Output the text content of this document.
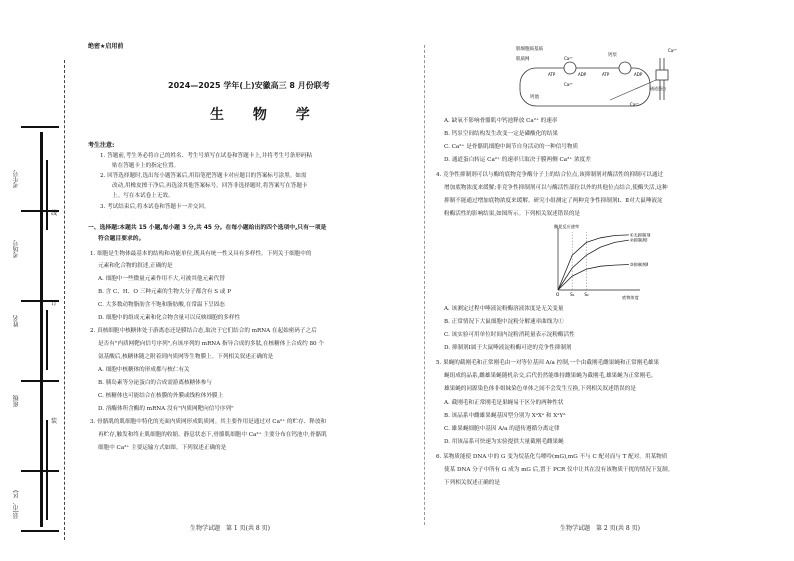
县(市、区)
班级
姓名
考场号
考生号
装
订
线
绝密★启用前
2024—2025 学年(上)安徽高三 8 月份联考
生 物 学
考生注意:
1. 答题前,考生务必将自己的姓名、考生号填写在试卷和答题卡上,并将考生号条形码粘
贴在答题卡上的指定位置。
2. 回答选择题时,选出每小题答案后,用铅笔把答题卡对应题目的答案标号涂黑。如需
改动,用橡皮擦干净后,再选涂其他答案标号。回答非选择题时,将答案写在答题卡
上。写在本试卷上无效。
3. 考试结束后,将本试卷和答题卡一并交回。
一、选择题:本题共 15 小题,每小题 3 分,共 45 分。在每小题给出的四个选项中,只有一项是
符合题目要求的。
1. 细胞是生物体最基本的结构和功能单位,既具有统一性又具有多样性。下列关于细胞中的
元素和化合物的叙述,正确的是
A. 细胞中一些微量元素作用不大,可被其他元素代替
B. 含 C、H、O 三种元素的生物大分子都含有 S 或 P
C. 大多数动物脂肪含不饱和脂肪酸,在常温下呈固态
D. 细胞中的组成元素和化合物含量可以反映细胞的多样性
2. 真核细胞中核糖体处于游离态还是膜结合态,取决于它们结合的 mRNA 在起始密码子之后
是否有"内质网靶向信号序列",有该序列的 mRNA 指导合成的多肽,在核糖体上合成约 80 个
氨基酸后,核糖体随之附着到内质网等生物膜上。下列相关叙述正确的是
A. 细胞中核糖体的形成都与核仁有关
B. 胰岛素等分泌蛋白的合成需游离核糖体参与
C. 核糖体也可能结合在核膜的外膜或线粒体外膜上
D. 溶酶体所含酶的 mRNA 没有"内质网靶向信号序列"
3. 骨骼肌的肌细胞中特化的光面内质网形成肌质网。其主要作用是通过对 Ca²⁺ 的贮存、释放和
再贮存,触发和终止肌细胞的收缩。静息状态下,骨骼肌细胞中 Ca²⁺ 主要分布在钙池中,骨骼肌
细胞中 Ca²⁺ 主要运输方式如图。下列叙述正确的是
生物学试题　第 1 页(共 8 页)
肌细胞质基质
肌质网
钙池
钙泵
ATP	ADP
Ca²⁺
Ca²⁺
Ca²⁺
ATP	ADP
Ca²⁺
通道蛋白
A. 缺氧不影响骨骼肌中钙池释放 Ca²⁺ 的速率
B. 钙泵空间结构发生改变一定是磷酸化的结果
C. Ca²⁺ 是骨骼肌细胞中调节自身活动的一种信号物质
D. 通道蛋白转运 Ca²⁺ 的速率只取决于膜两侧 Ca²⁺ 浓度差
4. 竞争性抑制剂可以与酶的底物竞争酶分子上的结合位点,该抑制剂对酶活性的抑制可以通过
增加底物浓度来缓解;非竞争性抑制剂可以与酶活性部位以外的其他位点结合,使酶失活,这种
抑制不能通过增加底物浓度来缓解。研究小组测定了两种竞争性抑制剂Ⅰ、Ⅱ对大鼠唾液淀
粉酶活性的影响结果,如图所示。下列相关叙述错误的是
A. 该测定过程中唾液淀粉酶溶液浓度是无关变量
B. 正常情况下大鼠细胞中淀粉分解速率曲线为①
C. 该实验可用单位时间内淀粉消耗量表示淀粉酶活性
D. 抑制剂Ⅰ属于大鼠唾液淀粉酶可逆的竞争性抑制剂
5. 果蝇的截刚毛和正常刚毛由一对等位基因 A/a 控制,一个由截刚毛雌果蝇和正常刚毛雄果
蝇组成的品系,雌雄果蝇随机杂交,后代仍然能维持雌果蝇为截刚毛,雄果蝇为正常刚毛。
雄果蝇的同源染色体非姐妹染色单体之间不会发生互换,下列相关叙述错误的是
A. 截刚毛和正常刚毛是果蝇易于区分的两种性状
B. 该品系中雌雄果蝇基因型分别为 XᵃXᵃ 和 XᵃYᴬ
C. 雄果蝇细胞中基因 A/a 的遗传遵循分离定律
D. 用该品系可快速为实验提供大量截刚毛雌果蝇
6. 某物质能使 DNA 中的 G 变为烷基化鸟嘌呤(mG),mG 不与 C 配对而与 T 配对。用某物质
使某 DNA 分子中所有 G 成为 mG 后,置于 PCR 仪中让其在没有该物质干扰的情况下复制。
下列相关叙述正确的是
①无抑制剂
②抑制剂Ⅰ
③抑制剂Ⅱ
酶促反应速率
底物浓度
O	S₁ S₂
生物学试题　第 2 页(共 8 页)
